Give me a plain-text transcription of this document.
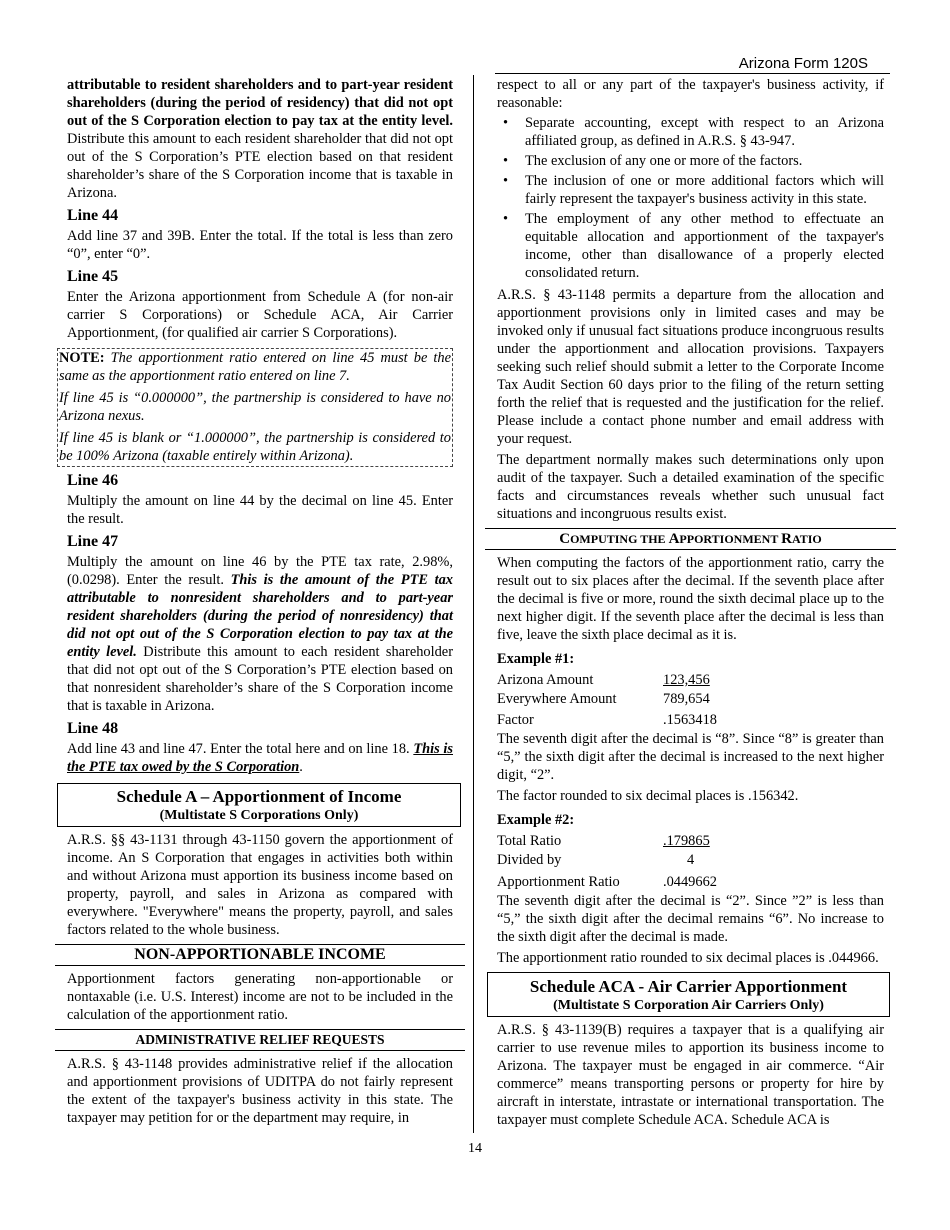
Arizona Form 120S

attributable to resident shareholders and to part-year resident shareholders (during the period of residency) that did not opt out of the S Corporation election to pay tax at the entity level. Distribute this amount to each resident shareholder that did not opt out of the S Corporation’s PTE election based on that resident shareholder’s share of the S Corporation income that is taxable in Arizona.

Line 44

Add line 37 and 39B. Enter the total. If the total is less than zero “0”, enter “0”.

Line 45

Enter the Arizona apportionment from Schedule A (for non-air carrier S Corporations) or Schedule ACA, Air Carrier Apportionment, (for qualified air carrier S Corporations).

NOTE: The apportionment ratio entered on line 45 must be the same as the apportionment ratio entered on line 7.

If line 45 is “0.000000”, the partnership is considered to have no Arizona nexus.

If line 45 is blank or “1.000000”, the partnership is considered to be 100% Arizona (taxable entirely within Arizona).

Line 46

Multiply the amount on line 44 by the decimal on line 45. Enter the result.

Line 47

Multiply the amount on line 46 by the PTE tax rate, 2.98%, (0.0298). Enter the result. This is the amount of the PTE tax attributable to nonresident shareholders and to part-year resident shareholders (during the period of nonresidency) that did not opt out of the S Corporation election to pay tax at the entity level. Distribute this amount to each resident shareholder that did not opt out of the S Corporation’s PTE election based on that nonresident shareholder’s share of the S Corporation income that is taxable in Arizona.

Line 48

Add line 43 and line 47. Enter the total here and on line 18. This is the PTE tax owed by the S Corporation.

Schedule A – Apportionment of Income
(Multistate S Corporations Only)

A.R.S. §§ 43-1131 through 43-1150 govern the apportionment of income. An S Corporation that engages in activities both within and without Arizona must apportion its business income based on property, payroll, and sales in Arizona as compared with everywhere. "Everywhere" means the property, payroll, and sales factors related to the whole business.

NON-APPORTIONABLE INCOME

Apportionment factors generating non-apportionable or nontaxable (i.e. U.S. Interest) income are not to be included in the calculation of the apportionment ratio.

ADMINISTRATIVE RELIEF REQUESTS

A.R.S. § 43-1148 provides administrative relief if the allocation and apportionment provisions of UDITPA do not fairly represent the extent of the taxpayer's business activity in this state. The taxpayer may petition for or the department may require, in

respect to all or any part of the taxpayer's business activity, if reasonable:

• Separate accounting, except with respect to an Arizona affiliated group, as defined in A.R.S. § 43-947.
• The exclusion of any one or more of the factors.
• The inclusion of one or more additional factors which will fairly represent the taxpayer's business activity in this state.
• The employment of any other method to effectuate an equitable allocation and apportionment of the taxpayer's income, other than disallowance of a properly elected consolidated return.

A.R.S. § 43-1148 permits a departure from the allocation and apportionment provisions only in limited cases and may be invoked only if unusual fact situations produce incongruous results under the apportionment and allocation provisions. Taxpayers seeking such relief should submit a letter to the Corporate Income Tax Audit Section 60 days prior to the filing of the return setting forth the relief that is requested and the justification for the relief. Please include a contact phone number and email address with your request.

The department normally makes such determinations only upon audit of the taxpayer. Such a detailed examination of the specific facts and circumstances reveals whether such unusual fact situations and incongruous results exist.

COMPUTING THE APPORTIONMENT RATIO

When computing the factors of the apportionment ratio, carry the result out to six places after the decimal. If the seventh place after the decimal is five or more, round the sixth decimal place up to the next higher digit. If the seventh place after the decimal is less than five, leave the sixth place decimal as it is.

Example #1:
Arizona Amount	123,456
Everywhere Amount	789,654
Factor	.1563418

The seventh digit after the decimal is “8”. Since “8” is greater than “5,” the sixth digit after the decimal is increased to the next higher digit, “2”.

The factor rounded to six decimal places is .156342.

Example #2:
Total Ratio	.179865
Divided by	4
Apportionment Ratio	.0449662

The seventh digit after the decimal is “2”. Since ”2” is less than “5,” the sixth digit after the decimal remains “6”. No increase to the sixth digit after the decimal is made.

The apportionment ratio rounded to six decimal places is .044966.

Schedule ACA - Air Carrier Apportionment
(Multistate S Corporation Air Carriers Only)

A.R.S. § 43-1139(B) requires a taxpayer that is a qualifying air carrier to use revenue miles to apportion its business income to Arizona. The taxpayer must be engaged in air commerce. “Air commerce” means transporting persons or property for hire by aircraft in interstate, intrastate or international transportation. The taxpayer must complete Schedule ACA. Schedule ACA is

14
